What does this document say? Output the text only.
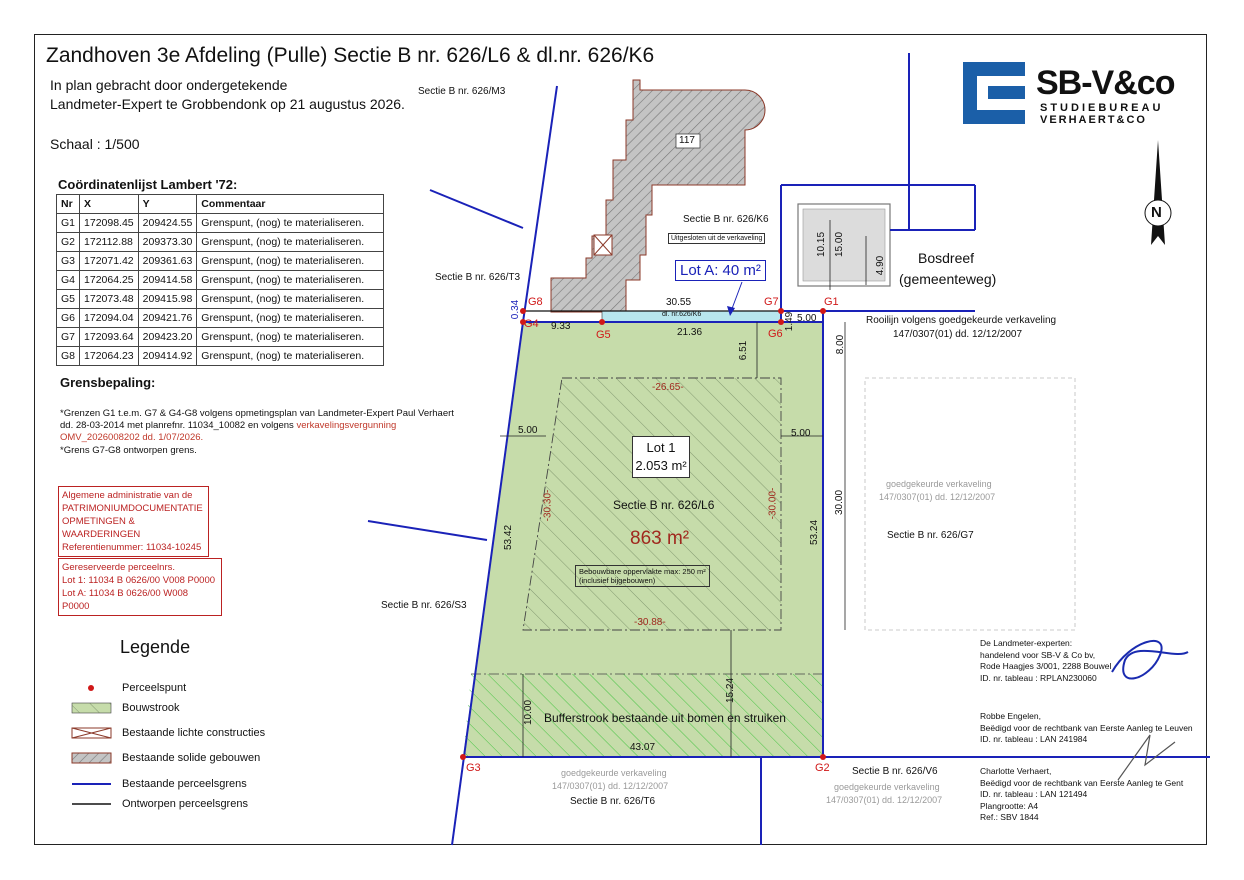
Zandhoven 3e Afdeling (Pulle) Sectie B nr. 626/L6 & dl.nr. 626/K6
In plan gebracht door ondergetekende
Landmeter-Expert te Grobbendonk op 21 augustus 2026.
Schaal : 1/500
Coördinatenlijst Lambert '72:
Nr	X	Y	Commentaar
G1	172098.45	209424.55	Grenspunt, (nog) te materialiseren.
G2	172112.88	209373.30	Grenspunt, (nog) te materialiseren.
G3	172071.42	209361.63	Grenspunt, (nog) te materialiseren.
G4	172064.25	209414.58	Grenspunt, (nog) te materialiseren.
G5	172073.48	209415.98	Grenspunt, (nog) te materialiseren.
G6	172094.04	209421.76	Grenspunt, (nog) te materialiseren.
G7	172093.64	209423.20	Grenspunt, (nog) te materialiseren.
G8	172064.23	209414.92	Grenspunt, (nog) te materialiseren.
Grensbepaling:
*Grenzen G1 t.e.m. G7 & G4-G8 volgens opmetingsplan van Landmeter-Expert Paul Verhaert
dd. 28-03-2014 met planrefnr. 11034_10082 en volgens verkavelingsvergunning
OMV_2026008202 dd. 1/07/2026.
*Grens G7-G8 ontworpen grens.
Algemene administratie van de
PATRIMONIUMDOCUMENTATIE
OPMETINGEN & WAARDERINGEN
Referentienummer: 11034-10245
Gereserveerde perceelnrs.
Lot 1: 11034 B 0626/00 V008 P0000
Lot A: 11034 B 0626/00 W008 P0000
Legende
Perceelspunt
Bouwstrook
Bestaande lichte constructies
Bestaande solide gebouwen
Bestaande perceelsgrens
Ontworpen perceelsgrens
SB-V&co
STUDIEBUREAU
VERHAERT&CO
N
Sectie B nr. 626/M3
Sectie B nr. 626/K6
Uitgesloten uit de verkaveling
Sectie B nr. 626/T3
Sectie B nr. 626/S3
Sectie B nr. 626/G7
Sectie B nr. 626/V6
Sectie B nr. 626/T6
dl. nr.626/K6
Sectie B nr. 626/L6
117
Lot A: 40 m²
Bosdreef
(gemeenteweg)
Rooilijn volgens goedgekeurde verkaveling
147/0307(01) dd. 12/12/2007
goedgekeurde verkaveling
147/0307(01) dd. 12/12/2007
goedgekeurde verkaveling
147/0307(01) dd. 12/12/2007	goedgekeurde verkaveling
147/0307(01) dd. 12/12/2007
Lot 1
2.053 m²
863 m²
Bebouwbare oppervlakte max: 250 m²
(inclusief bijgebouwen)
Bufferstrook bestaande uit bomen en struiken
G1
G2
G3
G4
G5	G6
G7
G8	30.55
0.34
9.33
21.36
1.49 5.00
6.51
-26.65-
5.00	5.00
-30.30-	-30.00-
53.42	53.24
-30.88-
15.24
10.00
43.07
8.00
30.00
10.15 15.00
4.90
De Landmeter-experten:
handelend voor SB-V & Co bv,
Rode Haagjes 3/001, 2288 Bouwel
ID. nr. tableau : RPLAN230060
Robbe Engelen,
Beëdigd voor de rechtbank van Eerste Aanleg te Leuven
ID. nr. tableau : LAN 241984
Charlotte Verhaert,
Beëdigd voor de rechtbank van Eerste Aanleg te Gent
ID. nr. tableau : LAN 121494
Plangrootte: A4
Ref.: SBV 1844
